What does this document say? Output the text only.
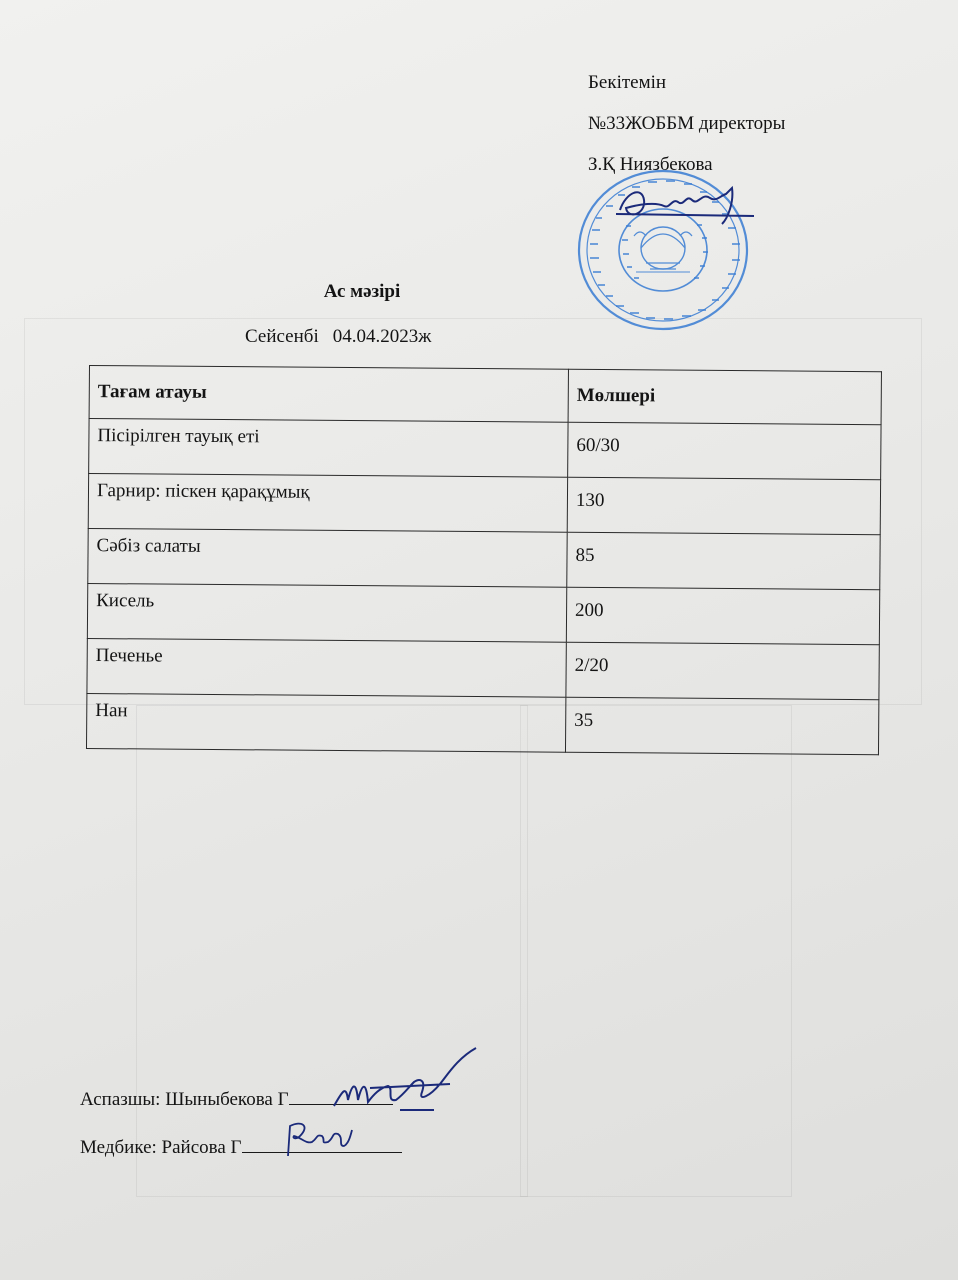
Бекітемін
№33ЖОББМ директоры
З.Қ Ниязбекова
Ас мәзірі
Сейсенбі 04.04.2023ж
Тағам атауы	Мөлшері
Пісірілген тауық еті	60/30
Гарнир: піскен қарақұмық	130
Сәбіз салаты	85
Кисель	200
Печенье	2/20
Нан	35
Аспазшы: Шыныбекова Г
Медбике: Райсова Г
